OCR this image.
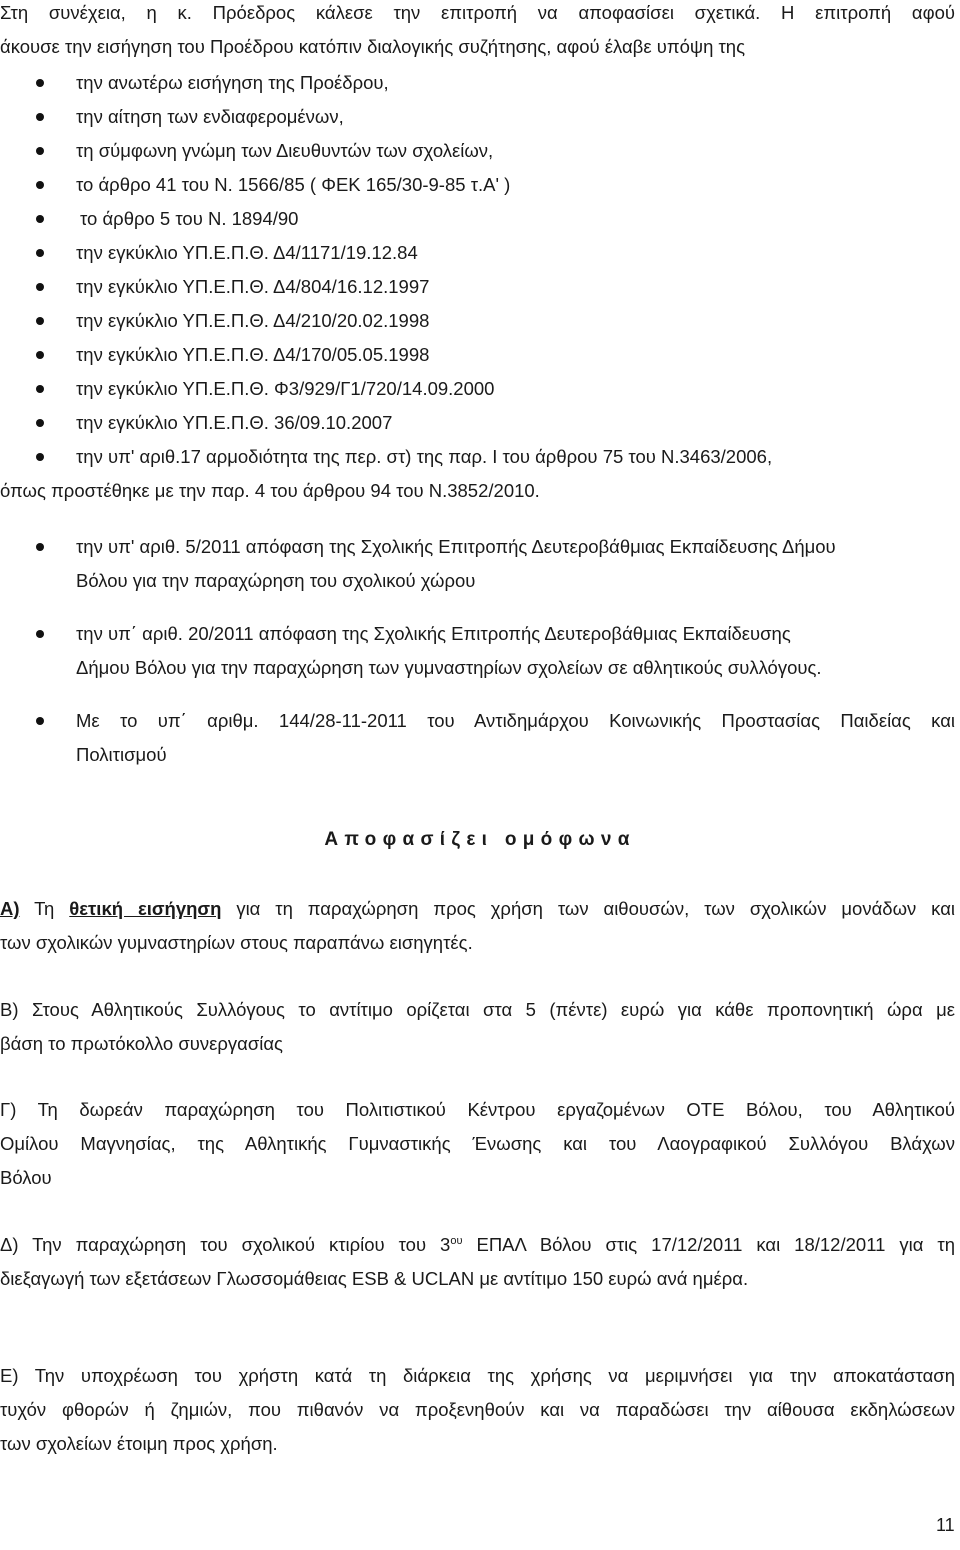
Στη συνέχεια, η κ. Πρόεδρος κάλεσε την επιτροπή να αποφασίσει σχετικά. Η επιτροπή αφού
άκουσε την εισήγηση του Προέδρου κατόπιν διαλογικής συζήτησης, αφού έλαβε υπόψη της
την ανωτέρω εισήγηση της Προέδρου,
την αίτηση των ενδιαφερομένων,
τη σύμφωνη γνώμη των Διευθυντών των σχολείων,
το άρθρο 41 του Ν. 1566/85 ( ΦΕΚ 165/30-9-85 τ.Α' )
το άρθρο 5 του Ν. 1894/90
την εγκύκλιο ΥΠ.Ε.Π.Θ. Δ4/1171/19.12.84
την εγκύκλιο ΥΠ.Ε.Π.Θ. Δ4/804/16.12.1997
την εγκύκλιο ΥΠ.Ε.Π.Θ. Δ4/210/20.02.1998
την εγκύκλιο ΥΠ.Ε.Π.Θ. Δ4/170/05.05.1998
την εγκύκλιο ΥΠ.Ε.Π.Θ. Φ3/929/Γ1/720/14.09.2000
την εγκύκλιο ΥΠ.Ε.Π.Θ. 36/09.10.2007
την υπ' αριθ.17 αρμοδιότητα της περ. στ) της παρ. Ι του άρθρου 75 του Ν.3463/2006,
όπως προστέθηκε με την παρ. 4 του άρθρου 94 του Ν.3852/2010.
την υπ' αριθ. 5/2011 απόφαση της Σχολικής Επιτροπής Δευτεροβάθμιας Εκπαίδευσης Δήμου
Βόλου για την παραχώρηση του σχολικού χώρου
την υπ΄ αριθ. 20/2011 απόφαση της Σχολικής Επιτροπής Δευτεροβάθμιας Εκπαίδευσης
Δήμου Βόλου για την παραχώρηση των γυμναστηρίων σχολείων σε αθλητικούς συλλόγους.
Με το υπ΄ αριθμ. 144/28-11-2011 του Αντιδημάρχου Κοινωνικής Προστασίας Παιδείας και
Πολιτισμού
Αποφασίζει ομόφωνα
Α) Τη θετική εισήγηση για τη παραχώρηση προς χρήση των αιθουσών, των σχολικών μονάδων και
των σχολικών γυμναστηρίων στους παραπάνω εισηγητές.
Β) Στους Αθλητικούς Συλλόγους το αντίτιμο ορίζεται στα 5 (πέντε) ευρώ για κάθε προπονητική ώρα με
βάση το πρωτόκολλο συνεργασίας
Γ) Τη δωρεάν παραχώρηση του Πολιτιστικού Κέντρου εργαζομένων ΟΤΕ Βόλου, του Αθλητικού
Ομίλου Μαγνησίας, της Αθλητικής Γυμναστικής Ένωσης και του Λαογραφικού Συλλόγου Βλάχων
Βόλου
Δ) Την παραχώρηση του σχολικού κτιρίου του $3^{o\upsilon}$ ΕΠΑΛ Βόλου στις 17/12/2011 και 18/12/2011 για τη
διεξαγωγή των εξετάσεων Γλωσσομάθειας ESB & UCLAN με αντίτιμο 150 ευρώ ανά ημέρα.
Ε) Την υποχρέωση του χρήστη κατά τη διάρκεια της χρήσης να μεριμνήσει για την αποκατάσταση
τυχόν φθορών ή ζημιών, που πιθανόν να προξενηθούν και να παραδώσει την αίθουσα εκδηλώσεων
των σχολείων έτοιμη προς χρήση.
11
